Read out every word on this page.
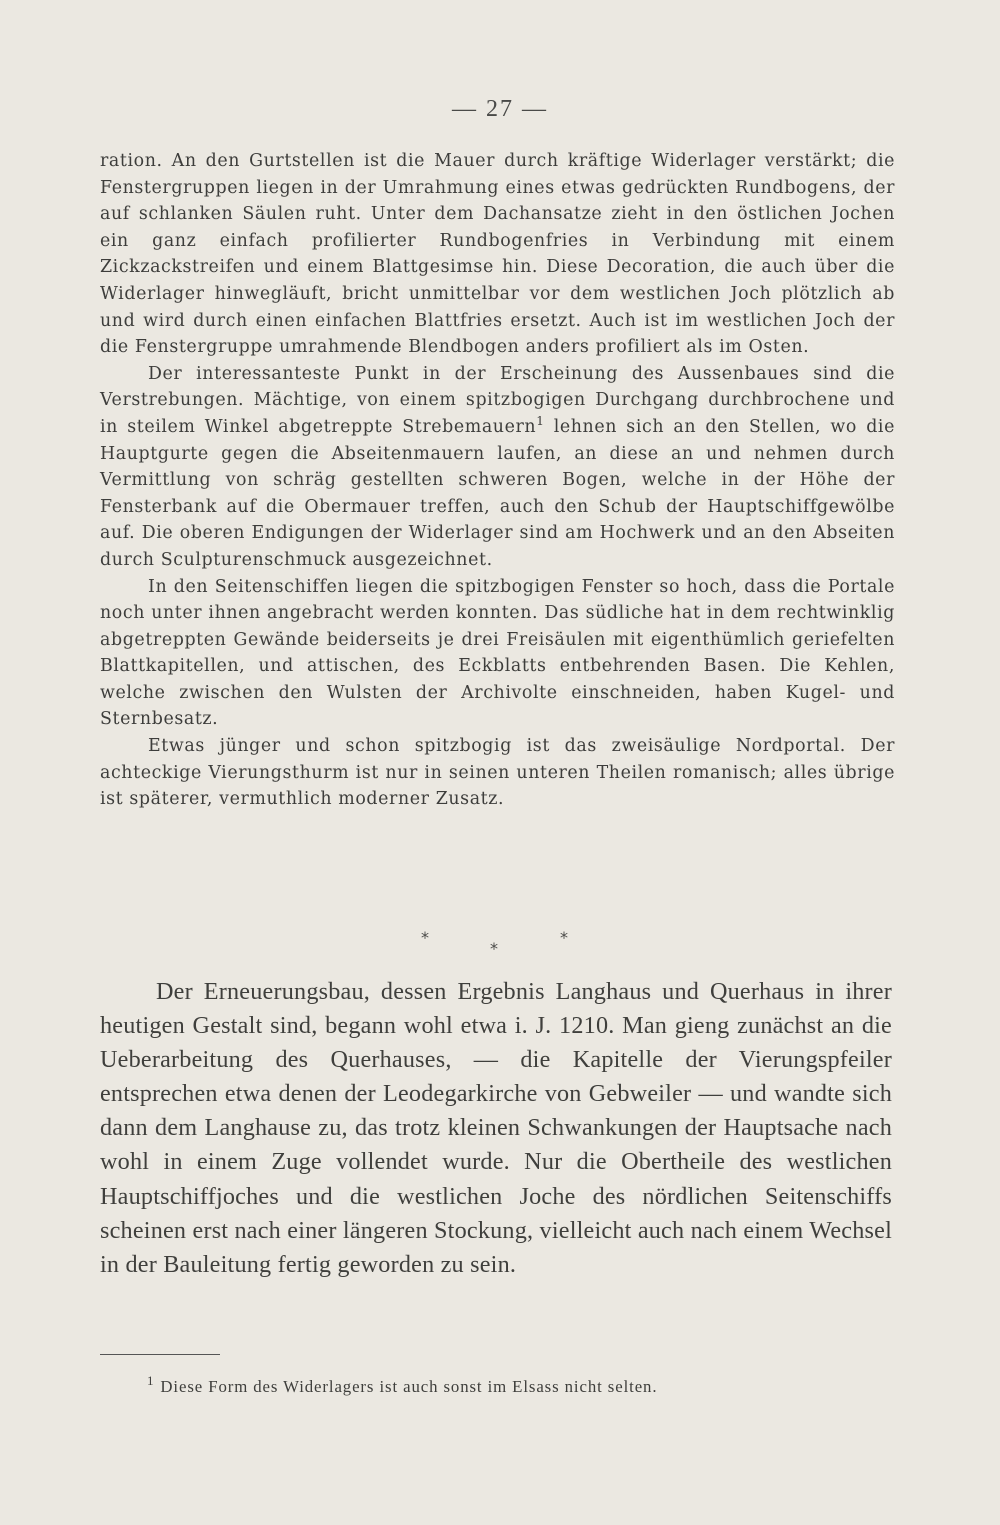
— 27 —

ration. An den Gurtstellen ist die Mauer durch kräftige Widerlager verstärkt; die Fenstergruppen liegen in der Umrahmung eines etwas gedrückten Rundbogens, der auf schlanken Säulen ruht. Unter dem Dachansatze zieht in den östlichen Jochen ein ganz einfach profilierter Rundbogenfries in Verbindung mit einem Zickzackstreifen und einem Blattgesimse hin. Diese Decoration, die auch über die Widerlager hinwegläuft, bricht unmittelbar vor dem westlichen Joch plötzlich ab und wird durch einen einfachen Blattfries ersetzt. Auch ist im westlichen Joch der die Fenstergruppe umrahmende Blendbogen anders profiliert als im Osten.

Der interessanteste Punkt in der Erscheinung des Aussenbaues sind die Verstrebungen. Mächtige, von einem spitzbogigen Durchgang durchbrochene und in steilem Winkel abgetreppte Strebemauern$^1$ lehnen sich an den Stellen, wo die Hauptgurte gegen die Abseitenmauern laufen, an diese an und nehmen durch Vermittlung von schräg gestellten schweren Bogen, welche in der Höhe der Fensterbank auf die Obermauer treffen, auch den Schub der Hauptschiffgewölbe auf. Die oberen Endigungen der Widerlager sind am Hochwerk und an den Abseiten durch Sculpturenschmuck ausgezeichnet.

In den Seitenschiffen liegen die spitzbogigen Fenster so hoch, dass die Portale noch unter ihnen angebracht werden konnten. Das südliche hat in dem rechtwinklig abgetreppten Gewände beiderseits je drei Freisäulen mit eigenthümlich geriefelten Blattkapitellen, und attischen, des Eckblatts entbehrenden Basen. Die Kehlen, welche zwischen den Wulsten der Archivolte einschneiden, haben Kugel- und Sternbesatz.

Etwas jünger und schon spitzbogig ist das zweisäulige Nordportal. Der achteckige Vierungsthurm ist nur in seinen unteren Theilen romanisch; alles übrige ist späterer, vermuthlich moderner Zusatz.

*	*
*

Der Erneuerungsbau, dessen Ergebnis Langhaus und Querhaus in ihrer heutigen Gestalt sind, begann wohl etwa i. J. 1210. Man gieng zunächst an die Ueberarbeitung des Querhauses, — die Kapitelle der Vierungspfeiler entsprechen etwa denen der Leodegarkirche von Gebweiler — und wandte sich dann dem Langhause zu, das trotz kleinen Schwankungen der Hauptsache nach wohl in einem Zuge vollendet wurde. Nur die Obertheile des westlichen Hauptschiffjoches und die westlichen Joche des nördlichen Seitenschiffs scheinen erst nach einer längeren Stockung, vielleicht auch nach einem Wechsel in der Bauleitung fertig geworden zu sein.

$^1$ Diese Form des Widerlagers ist auch sonst im Elsass nicht selten.
